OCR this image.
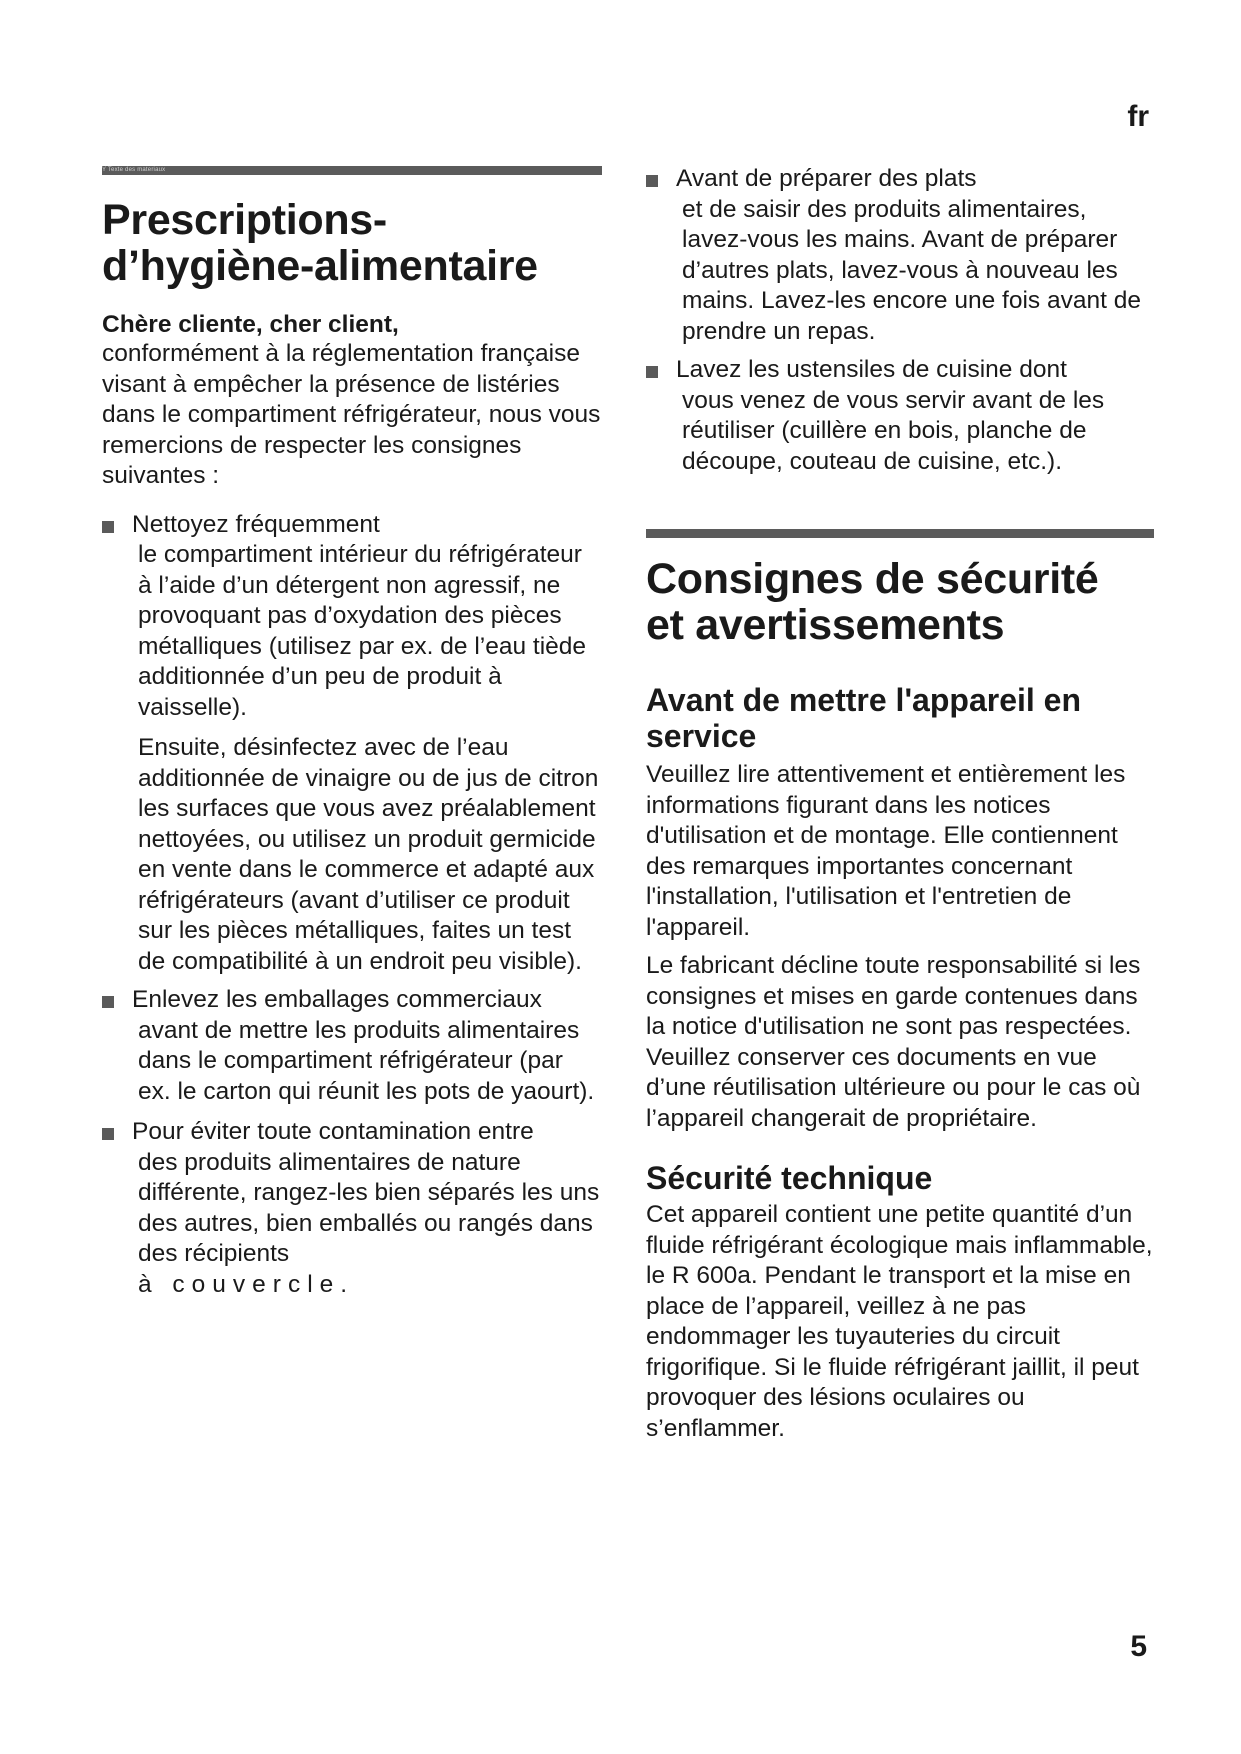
fr
Y Texte des materiaux
Prescriptions-
d’hygiène-alimentaire
Chère cliente, cher client,

conformément à la réglementation française visant à empêcher la présence de listéries dans le compartiment réfrigérateur, nous vous remercions de respecter les consignes suivantes :

Nettoyez fréquemment
le compartiment intérieur du réfrigérateur à l’aide d’un détergent non agressif, ne provoquant pas d’oxydation des pièces métalliques (utilisez par ex. de l’eau tiède additionnée d’un peu de produit à vaisselle).

Ensuite, désinfectez avec de l’eau additionnée de vinaigre ou de jus de citron les surfaces que vous avez préalablement nettoyées, ou utilisez un produit germicide en vente dans le commerce et adapté aux réfrigérateurs (avant d’utiliser ce produit sur les pièces métalliques, faites un test de compatibilité à un endroit peu visible).

Enlevez les emballages commerciaux
avant de mettre les produits alimentaires dans le compartiment réfrigérateur (par ex. le carton qui réunit les pots de yaourt).
Pour éviter toute contamination entre
des produits alimentaires de nature différente, rangez-les bien séparés les uns des autres, bien emballés ou rangés dans des récipients
à couvercle.
Avant de préparer des plats
et de saisir des produits alimentaires, lavez-vous les mains. Avant de préparer d’autres plats, lavez-vous à nouveau les mains. Lavez-les encore une fois avant de prendre un repas.
Lavez les ustensiles de cuisine dont
vous venez de vous servir avant de les réutiliser (cuillère en bois, planche de découpe, couteau de cuisine, etc.).
Consignes de sécurité
et avertissements
Avant de mettre l'appareil en service

Veuillez lire attentivement et entièrement les informations figurant dans les notices d'utilisation et de montage. Elle contiennent des remarques importantes concernant l'installation, l'utilisation et l'entretien de l'appareil.

Le fabricant décline toute responsabilité si les consignes et mises en garde contenues dans la notice d'utilisation ne sont pas respectées. Veuillez conserver ces documents en vue d’une réutilisation ultérieure ou pour le cas où l’appareil changerait de propriétaire.

Sécurité technique

Cet appareil contient une petite quantité d’un fluide réfrigérant écologique mais inflammable, le R 600a. Pendant le transport et la mise en place de l’appareil, veillez à ne pas endommager les tuyauteries du circuit frigorifique. Si le fluide réfrigérant jaillit, il peut provoquer des lésions oculaires ou s’enflammer.

5
